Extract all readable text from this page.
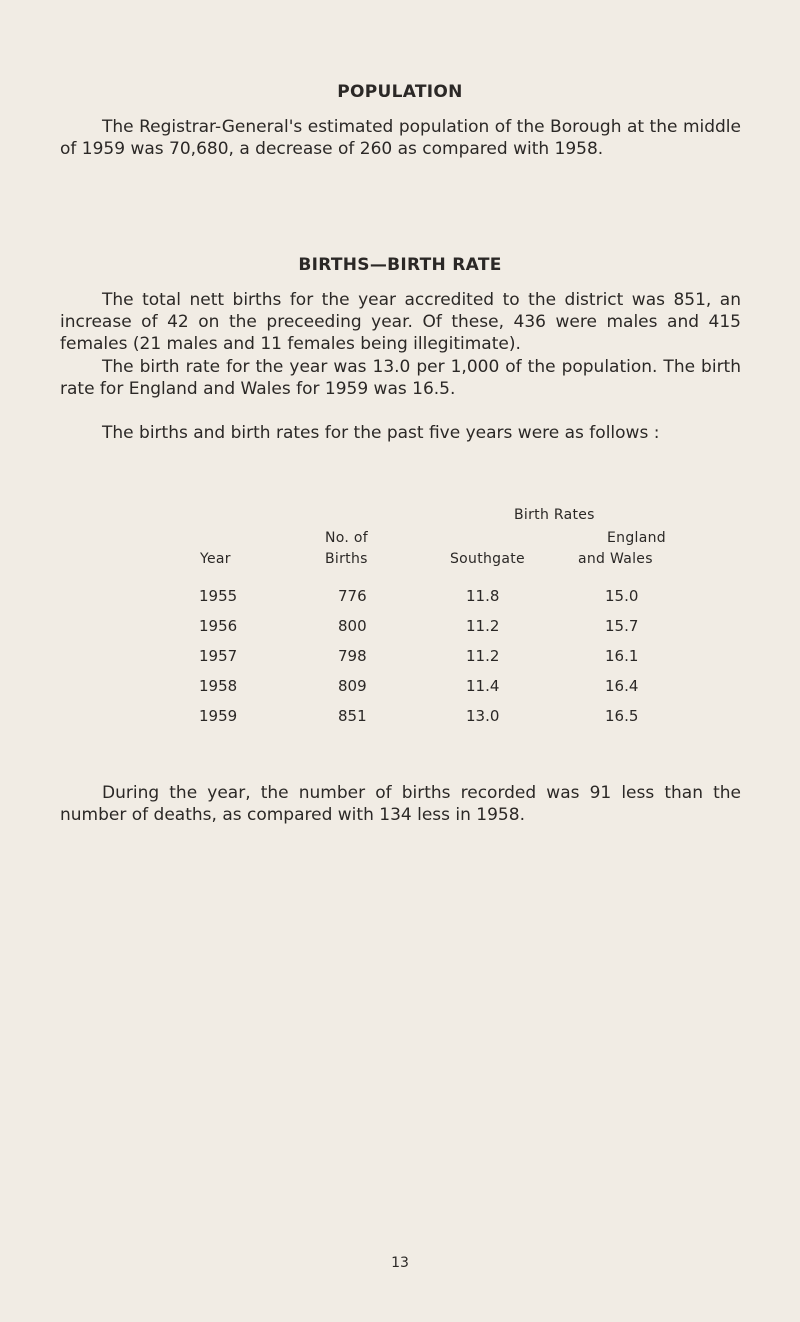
POPULATION

The Registrar-General's estimated population of the Borough at the middle of 1959 was 70,680, a decrease of 260 as compared with 1958.

BIRTHS—BIRTH RATE

The total nett births for the year accredited to the district was 851, an increase of 42 on the preceeding year. Of these, 436 were males and 415 females (21 males and 11 females being illegitimate).

The birth rate for the year was 13.0 per 1,000 of the population. The birth rate for England and Wales for 1959 was 16.5.

The births and birth rates for the past five years were as follows :

Birth Rates
No. of	England
Year	Births	Southgate	and Wales
1955	776	11.8	15.0
1956	800	11.2	15.7
1957	798	11.2	16.1
1958	809	11.4	16.4
1959	851	13.0	16.5

During the year, the number of births recorded was 91 less than the number of deaths, as compared with 134 less in 1958.

13
